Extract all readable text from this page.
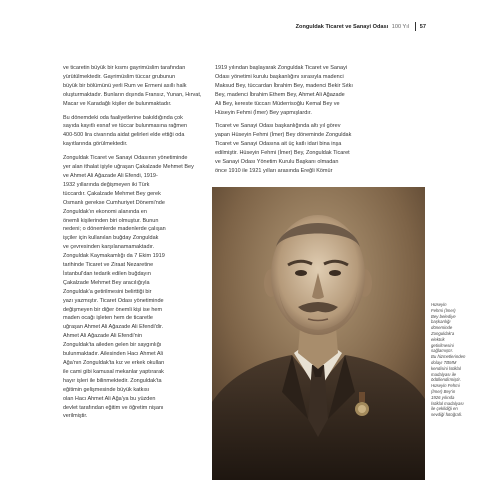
Zonguldak Ticaret ve Sanayi Odası 100 Yıl 57

ve ticaretin büyük bir kısmı gayrimüslim tarafından
yürütülmektedir. Gayrimüslim tüccar grubunun
büyük bir bölümünü yerli Rum ve Ermeni asıllı halk
oluşturmaktadır. Bunların dışında Fransız, Yunan, Hırvat,
Macar ve Karadağlı kişiler de bulunmaktadır.

Bu dönemdeki oda faaliyetlerine bakıldığında çok
sayıda kayıtlı esnaf ve tüccar bulunmasına rağmen
400-500 lira civarında aidat gelirleri elde ettiği oda
kayıtlarında görülmektedir.

Zonguldak Ticaret ve Sanayi Odasının yönetiminde
yer alan ithalat işiyle uğraşan Çakalzade Mehmet Bey
ve Ahmet Ali Ağazade Ali Efendi, 1919-
1932 yıllarında değişmeyen iki Türk
tüccardır. Çakalzade Mehmet Bey gerek
Osmanlı gerekse Cumhuriyet Dönemi'nde
Zonguldak'ın ekonomi alanında en
önemli kişilerinden biri olmuştur. Bunun
nedeni; o dönemlerde madenlerde çalışan
işçiler için kullanılan buğday Zonguldak
ve çevresinden karşılanamamaktadır.
Zonguldak Kaymakamlığı da 7 Ekim 1919
tarihinde Ticaret ve Ziraat Nezaretine
İstanbul'dan tedarik edilen buğdayın
Çakalzade Mehmet Bey aracılığıyla
Zonguldak'a getirilmesini belirttiği bir
yazı yazmıştır. Ticaret Odası yönetiminde
değişmeyen bir diğer önemli kişi ise hem
maden ocağı işleten hem de ticaretle
uğraşan Ahmet Ali Ağazade Ali Efendi'dir.
Ahmet Ali Ağazade Ali Efendi'nin
Zonguldak'ta aileden gelen bir saygınlığı
bulunmaktadır. Ailesinden Hacı Ahmet Ali
Ağa'nın Zonguldak'ta kız ve erkek okulları
ile cami gibi kamusal mekanlar yaptırarak
hayır işleri ile bilinmektedir. Zonguldak'ta
eğitimin gelişmesinde büyük katkısı
olan Hacı Ahmet Ali Ağa'ya bu yüzden
devlet tarafından eğitim ve öğretim nişanı
verilmiştir.

1919 yılından başlayarak Zonguldak Ticaret ve Sanayi
Odası yönetimi kurulu başkanlığını sırasıyla madenci
Maksud Bey, tüccardan İbrahim Bey, madenci Bekir Sıtkı
Bey, madenci İbrahim Ethem Bey, Ahmet Ali Ağazade
Ali Bey, kereste tüccarı Müderrisoğlu Kemal Bey ve
Hüseyin Fehmi (İmer) Bey yapmışlardır.

Ticaret ve Sanayi Odası başkanlığında altı yıl görev
yapan Hüseyin Fehmi (İmer) Bey döneminde Zonguldak
Ticaret ve Sanayi Odasına ait üç katlı idari bina inşa
edilmiştir. Hüseyin Fehmi (İmer) Bey, Zonguldak Ticaret
ve Sanayi Odası Yönetim Kurulu Başkanı olmadan
önce 1910 ile 1921 yılları arasında Ereğli Kömür

Hüseyin
Fehmi (İmer)
Bey belediye
başkanlığı
döneminde
Zonguldak'a
elektrik
getirilmesini
sağlamıştır.
Bu hizmetlerinden
dolayı TBMM
kendisini İstiklal
madalyası ile
ödüllendirmiştir.
Hüseyin Fehmi
(İmer) Bey'in
1926 yılında
İstiklal madalyası
ile çekildiği en
sevdiği fotoğrafı.
